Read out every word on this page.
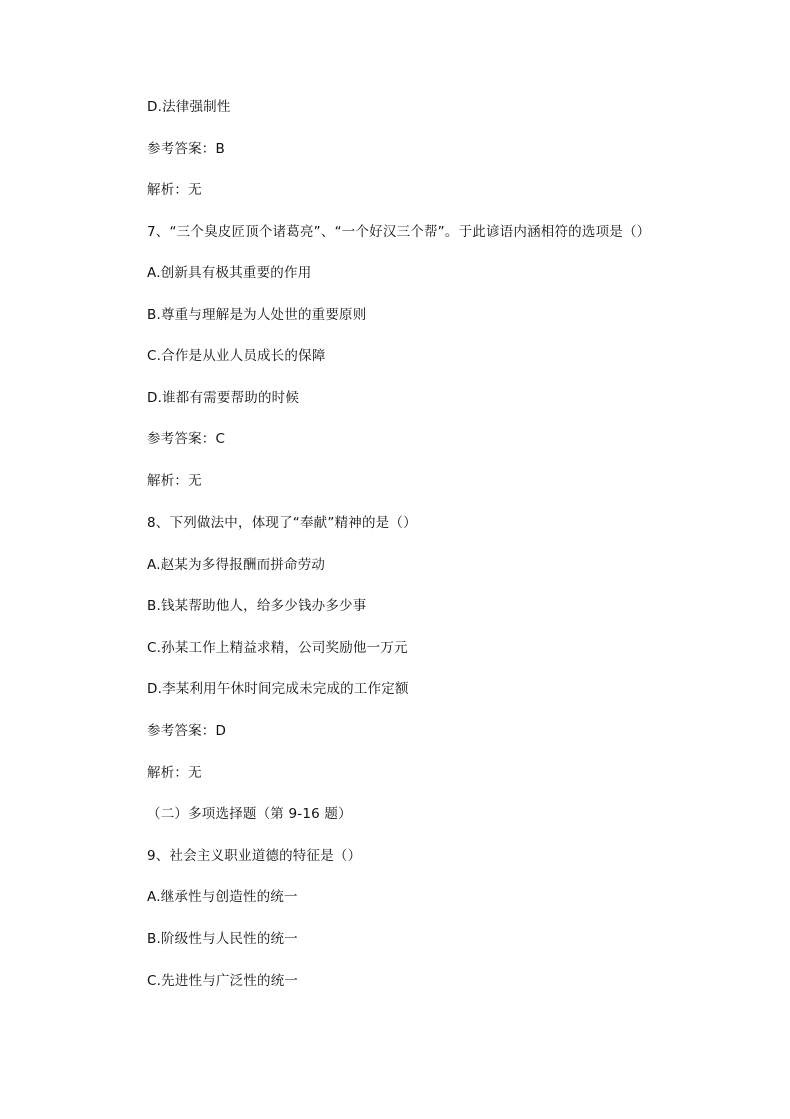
D.法律强制性
参考答案：B
解析：无
7、“三个臭皮匠顶个诸葛亮”、“一个好汉三个帮”。于此谚语内涵相符的选项是（）
A.创新具有极其重要的作用
B.尊重与理解是为人处世的重要原则
C.合作是从业人员成长的保障
D.谁都有需要帮助的时候
参考答案：C
解析：无
8、下列做法中，体现了“奉献”精神的是（）
A.赵某为多得报酬而拼命劳动
B.钱某帮助他人，给多少钱办多少事
C.孙某工作上精益求精，公司奖励他一万元
D.李某利用午休时间完成未完成的工作定额
参考答案：D
解析：无
（二）多项选择题（第 9-16 题）
9、社会主义职业道德的特征是（）
A.继承性与创造性的统一
B.阶级性与人民性的统一
C.先进性与广泛性的统一
